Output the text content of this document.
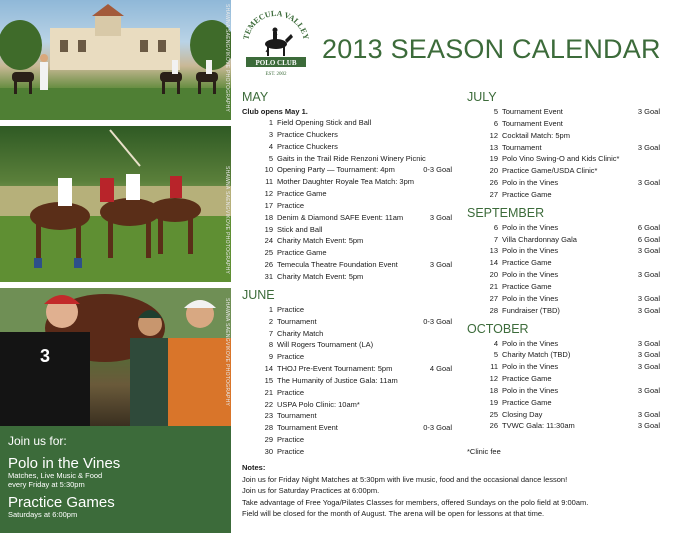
SHAWNA SAENGVIKOVE PHOTOGRAPHY
SHAWNA SAENGVIKOVE PHOTOGRAPHY
3	SHAWNA SAENGVIKOVE PHOTOGRAPHY
Join us for:
Polo in the Vines
Matches, Live Music & Food
every Friday at 5:30pm
Practice Games
Saturdays at 6:00pm
TEMECULA VALLEY
POLO CLUB
EST. 2002
2013 SEASON CALENDAR
MAY
Club opens May 1.
1 Field Opening Stick and Ball
3 Practice Chuckers
4 Practice Chuckers
5 Gaits in the Trail Ride Renzoni Winery Picnic
10 Opening Party — Tournament: 4pm	0-3 Goal
11 Mother Daughter Royale Tea Match: 3pm
12 Practice Game
17 Practice
18 Denim & Diamond SAFE Event: 11am	3 Goal
19 Stick and Ball
24 Charity Match Event: 5pm
25 Practice Game
26 Temecula Theatre Foundation Event	3 Goal
31 Charity Match Event: 5pm
JUNE
1 Practice
2 Tournament	0-3 Goal
7 Charity Match
8 Will Rogers Tournament (LA)
9 Practice
14 THOJ Pre-Event Tournament: 5pm	4 Goal
15 The Humanity of Justice Gala: 11am
21 Practice
22 USPA Polo Clinic: 10am*
23 Tournament
28 Tournament Event	0-3 Goal
29 Practice
30 Practice
JULY
5 Tournament Event	3 Goal
6 Tournament Event
12 Cocktail Match: 5pm
13 Tournament	3 Goal
19 Polo Vino Swing-O and Kids Clinic*
20 Practice Game/USDA Clinic*
26 Polo in the Vines	3 Goal
27 Practice Game
SEPTEMBER
6 Polo in the Vines	6 Goal
7 Villa Chardonnay Gala	6 Goal
13 Polo in the Vines	3 Goal
14 Practice Game
20 Polo in the Vines	3 Goal
21 Practice Game
27 Polo in the Vines	3 Goal
28 Fundraiser (TBD)	3 Goal
OCTOBER
4 Polo in the Vines	3 Goal
5 Charity Match (TBD)	3 Goal
11 Polo in the Vines	3 Goal
12 Practice Game
18 Polo in the Vines	3 Goal
19 Practice Game
25 Closing Day	3 Goal
26 TVWC Gala: 11:30am	3 Goal
*Clinic fee
Notes:
Join us for Friday Night Matches at 5:30pm with live music, food and the occasional dance lesson!
Join us for Saturday Practices at 6:00pm.
Take advantage of Free Yoga/Pilates Classes for members, offered Sundays on the polo field at 9:00am.
Field will be closed for the month of August. The arena will be open for lessons at that time.
